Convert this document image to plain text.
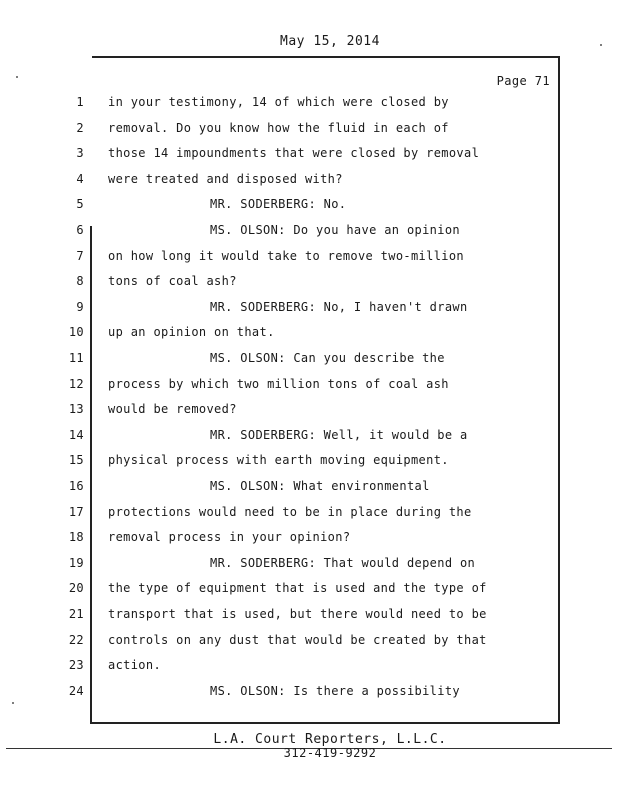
May 15, 2014
Page 71
1 in your testimony, 14 of which were closed by
2 removal. Do you know how the fluid in each of
3 those 14 impoundments that were closed by removal
4 were treated and disposed with?
5	MR. SODERBERG: No.
6	MS. OLSON: Do you have an opinion
7 on how long it would take to remove two-million
8 tons of coal ash?
9	MR. SODERBERG: No, I haven't drawn
10 up an opinion on that.
11	MS. OLSON: Can you describe the
12 process by which two million tons of coal ash
13 would be removed?
14	MR. SODERBERG: Well, it would be a
15 physical process with earth moving equipment.
16	MS. OLSON: What environmental
17 protections would need to be in place during the
18 removal process in your opinion?
19	MR. SODERBERG: That would depend on
20 the type of equipment that is used and the type of
21 transport that is used, but there would need to be
22 controls on any dust that would be created by that
23 action.
24	MS. OLSON: Is there a possibility
L.A. Court Reporters, L.L.C.
312-419-9292
